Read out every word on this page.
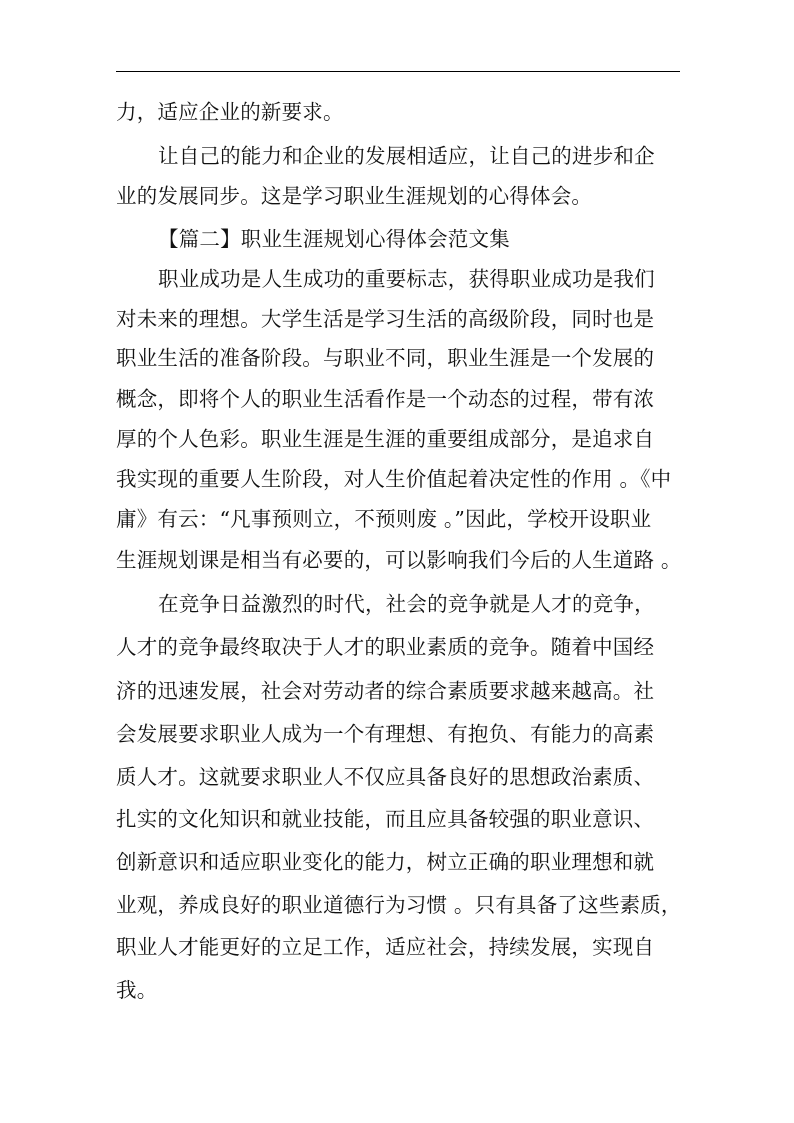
力，适应企业的新要求。
让自己的能力和企业的发展相适应，让自己的进步和企
业的发展同步。这是学习职业生涯规划的心得体会。
【篇二】职业生涯规划心得体会范文集
职业成功是人生成功的重要标志，获得职业成功是我们
对未来的理想。大学生活是学习生活的高级阶段，同时也是
职业生活的准备阶段。与职业不同，职业生涯是一个发展的
概念，即将个人的职业生活看作是一个动态的过程，带有浓
厚的个人色彩。职业生涯是生涯的重要组成部分，是追求自
我实现的重要人生阶段，对人生价值起着决定性的作用 。《中
庸》有云：“凡事预则立，不预则废 。”因此，学校开设职业
生涯规划课是相当有必要的，可以影响我们今后的人生道路 。
在竞争日益激烈的时代，社会的竞争就是人才的竞争，
人才的竞争最终取决于人才的职业素质的竞争。随着中国经
济的迅速发展，社会对劳动者的综合素质要求越来越高。社
会发展要求职业人成为一个有理想、有抱负、有能力的高素
质人才。这就要求职业人不仅应具备良好的思想政治素质、
扎实的文化知识和就业技能，而且应具备较强的职业意识、
创新意识和适应职业变化的能力，树立正确的职业理想和就
业观，养成良好的职业道德行为习惯 。只有具备了这些素质，
职业人才能更好的立足工作，适应社会，持续发展，实现自
我。
